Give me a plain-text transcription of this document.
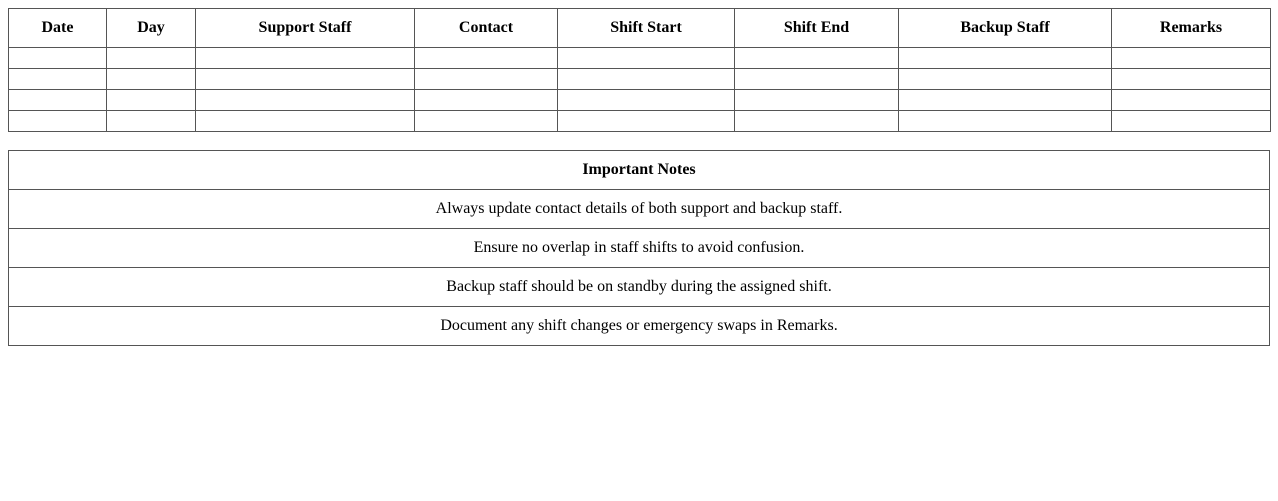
Date	Day	Support Staff	Contact	Shift Start	Shift End	Backup Staff	Remarks

Important Notes
Always update contact details of both support and backup staff.
Ensure no overlap in staff shifts to avoid confusion.
Backup staff should be on standby during the assigned shift.
Document any shift changes or emergency swaps in Remarks.
